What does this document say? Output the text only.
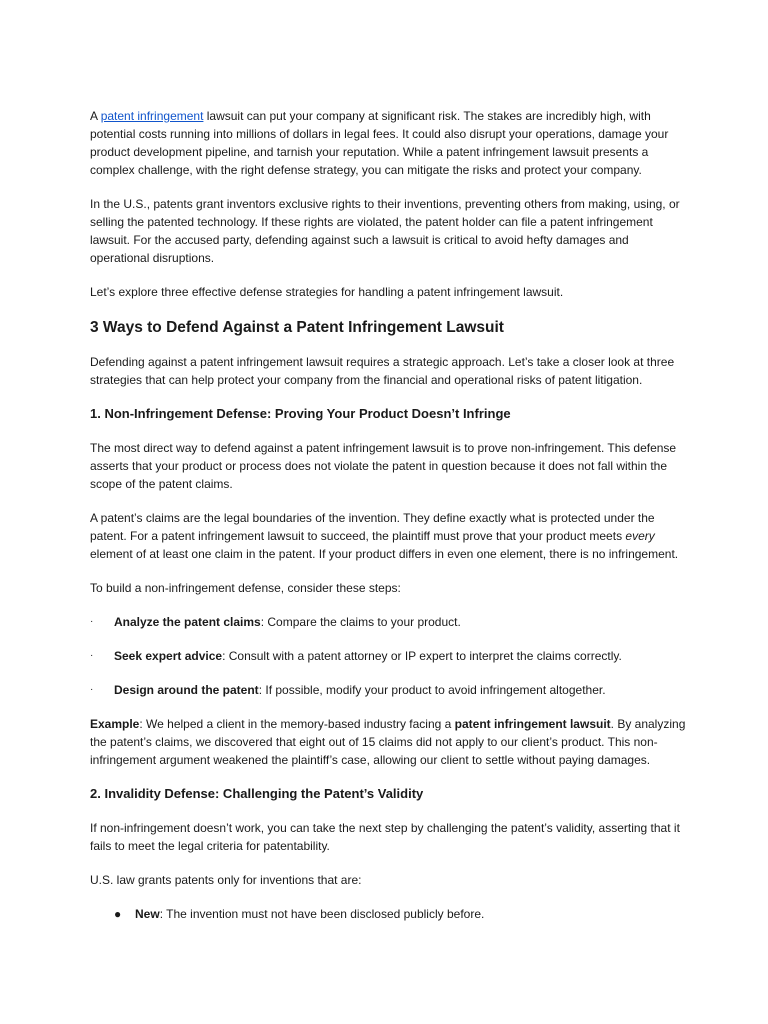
A patent infringement lawsuit can put your company at significant risk. The stakes are incredibly high, with potential costs running into millions of dollars in legal fees. It could also disrupt your operations, damage your product development pipeline, and tarnish your reputation. While a patent infringement lawsuit presents a complex challenge, with the right defense strategy, you can mitigate the risks and protect your company.

In the U.S., patents grant inventors exclusive rights to their inventions, preventing others from making, using, or selling the patented technology. If these rights are violated, the patent holder can file a patent infringement lawsuit. For the accused party, defending against such a lawsuit is critical to avoid hefty damages and operational disruptions.

Let’s explore three effective defense strategies for handling a patent infringement lawsuit.

3 Ways to Defend Against a Patent Infringement Lawsuit

Defending against a patent infringement lawsuit requires a strategic approach. Let’s take a closer look at three strategies that can help protect your company from the financial and operational risks of patent litigation.

1. Non-Infringement Defense: Proving Your Product Doesn’t Infringe

The most direct way to defend against a patent infringement lawsuit is to prove non-infringement. This defense asserts that your product or process does not violate the patent in question because it does not fall within the scope of the patent claims.

A patent’s claims are the legal boundaries of the invention. They define exactly what is protected under the patent. For a patent infringement lawsuit to succeed, the plaintiff must prove that your product meets every element of at least one claim in the patent. If your product differs in even one element, there is no infringement.

To build a non-infringement defense, consider these steps:

· Analyze the patent claims: Compare the claims to your product.
· Seek expert advice: Consult with a patent attorney or IP expert to interpret the claims correctly.
· Design around the patent: If possible, modify your product to avoid infringement altogether.

Example: We helped a client in the memory-based industry facing a patent infringement lawsuit. By analyzing the patent’s claims, we discovered that eight out of 15 claims did not apply to our client’s product. This non-infringement argument weakened the plaintiff’s case, allowing our client to settle without paying damages.

2. Invalidity Defense: Challenging the Patent’s Validity

If non-infringement doesn’t work, you can take the next step by challenging the patent’s validity, asserting that it fails to meet the legal criteria for patentability.

U.S. law grants patents only for inventions that are:

● New: The invention must not have been disclosed publicly before.
